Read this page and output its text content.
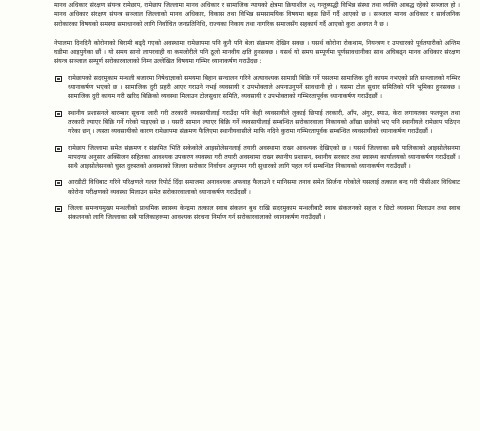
मानव अधिकार संरक्षण संयन्त्र रामेछाप, रामेछाप जिल्लामा मानव अधिकार र सामाजिक न्यायको क्षेत्रमा क्रियाशील २६ गन्तुब्यद्धी विभिन्न संस्था तथा व्यक्ति आबद्ध रहेको सञ्जाल हो । मानव अधिकार संरक्षण संयन्त्र सञ्जाल जिल्लाको मानव अधिकार, विकास तथा विभिन्न समसामयिक विषयमा बहस छिर्ने गर्दै आएको छ । सञ्जाल मानव अधिकार र सार्वजनिक सरोकारका विषयको समस्या समाधानको लागि निर्वाचित जनप्रतिनिधि, राज्यका निकाय तथा नागरिक समाजसँग सहकार्य गर्दै आएको कुरा अवगत नै छ ।

नेपालमा दिनदिनै कोरोनाको बिरामी बढ्दै गएको अवस्थामा रामेछापमा पनि कुनै पनि बेला संक्रमण देखिन सक्छ । यसर्थ कोरोना रोकथाम, नियन्त्रण र उपचारको पूर्वतयारीको अन्तिम घडीमा आइपुगेका छौं । यो समय सानो लापरवाही वा कमजोरीले पनि ठूलो मानवीय क्षति हुनसक्छ । यसर्थ यो समय सम्पूर्णमा पूर्णसावधानीका साथ अघिबढ्न मानव अधिकार संरक्षण संयन्त्र सञ्जाल सम्पूर्ण सरोकारवालाको निम्न उल्लेखित विषयमा गम्भिर ध्यानाकर्षण गराउँदछ :

रामेछापको सदरमुकाम मन्थली बजारमा निषेधाज्ञाको समयमा बिहान सन्चालन गरिने अत्यावश्यक सामाग्री बिक्रि गर्ने पसलमा सामाजिक दुरी कायम नभएको प्रति सञ्जालको गम्भिर ध्यानाकर्षण भएको छ । सामाजिक दुरी प्रहरी आएर गराउने नभई व्यवसायी र उपभोक्ताले अपनाउनुपर्ने सावधानी हो । यसमा टोल सुधार समितिको पनि भूमिका हुनसक्छ । सामाजिक दुरी कायम गरी खरिद बिक्रिको व्यवस्था मिलाउन टोलसुधार समिति, व्यवसायी र उपभोक्ताको गम्भिरतापूर्वक ध्यानाकर्षण गराउँदछौं ।

स्थानीय प्रशासनले बारम्बार सूचना जारी गरी तरकारी व्यवसायीलाई गराउँदा पनि केही व्यवसायीले लुकाई छिपाई तरकारी, आँप, अंगुर, स्याउ, केरा लगायतका फलफूल तथा तरकारी ल्याएर बिक्रि गर्ने गरेको पाइएको छ । यसरी सामान ल्याएर बिक्रि गर्ने व्यवसायीलाई सम्बन्धित सरोकारवाला निकायको आँखा छलेको भए पनि स्थानीयले रामेछाप पठिएन गरेका छन् । त्यस्ता व्यवसायीको कारण रामेछापमा संक्रमण फैलिएमा स्थानीयवासीले माफि नदिने कुरामा गम्भिरतापूर्वक सम्बन्धित व्यवसायीको ध्यानाकर्षण गराउँदछौं ।

रामेछाप जिल्लामा समेत संक्रमण र संक्रमित भिति सकेकोले आइसोलेसनलाई तयारी अवस्थामा राख्न आवश्यक देखिएको छ । यसर्थ जिल्लाका सबै पालिकाको आइसोलेसनमा मापदण्ड अनुसार अक्सिजन सहितका आवश्यक उपकरण व्यवस्था गरी तयारी अवस्थामा राख्न स्थानीय प्रशासन, स्थानीय सरकार तथा स्वास्थ्य कार्यालयको ध्यानाकर्षण गराउँदछौं । साथै आइसोलेसनको चुस्त दुरुस्तको अवस्थाको जिल्ला सरोकार निर्वाचन अनुगमन गरी सुधारको लागि पहल गर्न सम्बन्धित निकायको ध्यानाकर्षण गराउँदछौं ।

आरडीटी विधिबाट गरिने परिक्षणले गलत रिपोर्ट दिँदा समाजमा अनावश्यक अफवाह फैलाउने र मानिसमा तनाव समेत सिर्जना गरेकोले यसलाई तत्काल बन्द गरी पीसीआर विधिबाट कोरोना परीक्षणको व्यवस्था मिलाउन समेत सरोकारवालाको ध्यानाकर्षण गराउँदछौं ।

जिल्ला समन्वयमुख्य मन्थलीको प्राथमिक स्वास्थ्य केन्द्रमा तत्काल स्वाब संकलन बुथ राखि सदरमुकाम मन्थलीबाटै स्वाब संकलनको सहज र छिटो व्यवस्था मिलाउन तथा स्वाब संकलनको लागि जिल्लाका सबै पालिकाहरूमा आवश्यक संरचना निर्माण गर्न सरोकारवालाको ध्यानाकर्षण गराउँदछौं ।
